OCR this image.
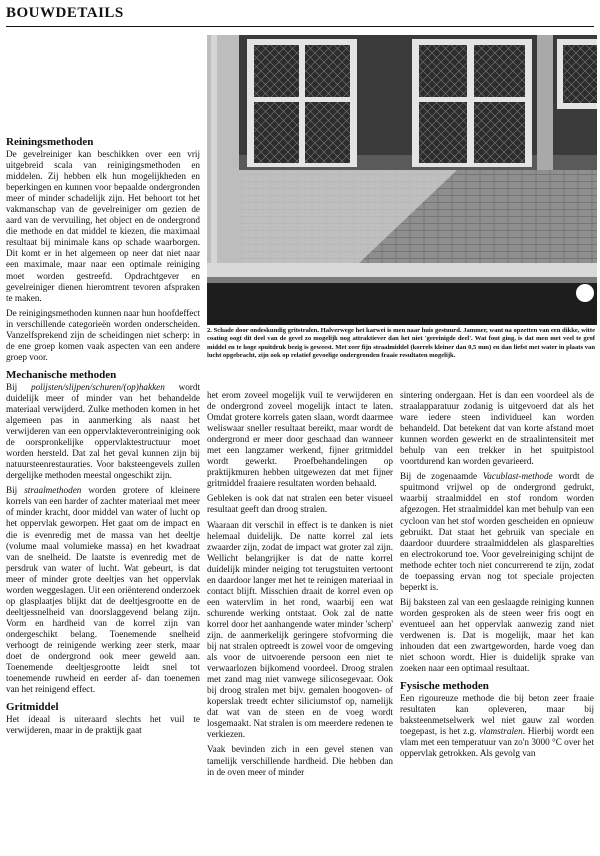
BOUWDETAILS
2. Schade door ondeskundig gritstralen. Halverwege het karwei is men naar huis gestuurd. Jammer, want na opzetten van een dikke, witte coating oogt dit deel van de gevel zo mogelijk nog attraktiever dan het niet 'gereinigde deel'. Wat fout ging, is dat men met veel te grof middel en te hoge spuitdruk bezig is geweest. Met zeer fijn straalmiddel (korrels kleiner dan 0,5 mm) en dan liefst met water in plaats van lucht opgebracht, zijn ook op relatief gevoelige ondergronden fraaie resultaten mogelijk.
Reiningsmethoden

De gevelreiniger kan beschikken over een vrij uitgebreid scala van reinigingsmethoden en middelen. Zij hebben elk hun mogelijkheden en beperkingen en kunnen voor bepaalde ondergronden meer of minder schadelijk zijn. Het behoort tot het vakmanschap van de gevelreiniger om gezien de aard van de vervuiling, het object en de ondergrond die methode en dat middel te kiezen, die maximaal resultaat bij minimale kans op schade waarborgen. Dit komt er in het algemeen op neer dat niet naar een maximale, maar naar een optimale reiniging moet worden gestreefd. Opdrachtgever en gevelreiniger dienen hieromtrent tevoren afspraken te maken.

De reinigingsmethoden kunnen naar hun hoofdeffect in verschillende categorieën worden onderscheiden. Vanzelfsprekend zijn de scheidingen niet scherp: in de ene groep komen vaak aspecten van een andere groep voor.

Mechanische methoden

Bij polijsten/slijpen/schuren/(op)hakken wordt duidelijk meer of minder van het behandelde materiaal verwijderd. Zulke methoden komen in het algemeen pas in aanmerking als naast het verwijderen van een oppervlakteverontreiniging ook de oorspronkelijke oppervlaktestructuur moet worden hersteld. Dat zal het geval kunnen zijn bij natuursteenrestauraties. Voor baksteengevels zullen dergelijke methoden meestal ongeschikt zijn.

Bij straalmethoden worden grotere of kleinere korrels van een harder of zachter materiaal met meer of minder kracht, door middel van water of lucht op het oppervlak geworpen. Het gaat om de impact en die is evenredig met de massa van het deeltje (volume maal volumieke massa) en het kwadraat van de snelheid. De laatste is evenredig met de persdruk van water of lucht. Wat gebeurt, is dat meer of minder grote deeltjes van het oppervlak worden weggeslagen. Uit een oriënterend onderzoek op glasplaatjes blijkt dat de deeltjesgrootte en de deeltjessnelheid van doorslaggevend belang zijn. Vorm en hardheid van de korrel zijn van ondergeschikt belang. Toenemende snelheid verhoogt de reinigende werking zeer sterk, maar doet de ondergrond ook meer geweld aan. Toenemende deeltjesgrootte leidt snel tot toenemende ruwheid en eerder af- dan toenemen van het reinigend effect.

Gritmiddel

Het ideaal is uiteraard slechts het vuil te verwijderen, maar in de praktijk gaat

het erom zoveel mogelijk vuil te verwijderen en de ondergrond zoveel mogelijk intact te laten. Omdat grotere korrels gaten slaan, wordt daarmee weliswaar sneller resultaat bereikt, maar wordt de ondergrond er meer door geschaad dan wanneer met een langzamer werkend, fijner gritmiddel wordt gewerkt. Proefbehandelingen op praktijkmuren hebben uitgewezen dat met fijner gritmiddel fraaiere resultaten worden behaald.

Gebleken is ook dat nat stralen een beter visueel resultaat geeft dan droog stralen.

Waaraan dit verschil in effect is te danken is niet helemaal duidelijk. De natte korrel zal iets zwaarder zijn, zodat de impact wat groter zal zijn. Wellicht belangrijker is dat de natte korrel duidelijk minder neiging tot terugstuiten vertoont en daardoor langer met het te reinigen materiaal in contact blijft. Misschien draait de korrel even op een watervlim in het rond, waarbij een wat schurende werking ontstaat. Ook zal de natte korrel door het aanhangende water minder 'scherp' zijn. de aanmerkelijk geringere stofvorming die bij nat stralen optreedt is zowel voor de omgeving als voor de uitvoerende persoon een niet te verwaarlozen bijkomend voordeel. Droog stralen met zand mag niet vanwege silicosegevaar. Ook bij droog stralen met bijv. gemalen hoogoven- of koperslak treedt echter siliciumstof op, namelijk dat wat van de steen en de voeg wordt losgemaakt. Nat stralen is om meerdere redenen te verkiezen.

Vaak bevinden zich in een gevel stenen van tamelijk verschillende hardheid. Die hebben dan in de oven meer of minder

sintering ondergaan. Het is dan een voordeel als de straalapparatuur zodanig is uitgevoerd dat als het ware iedere steen individueel kan worden behandeld. Dat betekent dat van korte afstand moet kunnen worden gewerkt en de straalintensiteit met behulp van een trekker in het spuitpistool voortdurend kan worden gevarieerd.

Bij de zogenaamde Vacublast-methode wordt de spuitmond vrijwel op de ondergrond gedrukt, waarbij straalmiddel en stof rondom worden afgezogen. Het straalmiddel kan met behulp van een cycloon van het stof worden gescheiden en opnieuw gebruikt. Dat staat het gebruik van speciale en daardoor duurdere straalmiddelen als glasparelties en electrokorund toe. Voor gevelreiniging schijnt de methode echter toch niet concurrerend te zijn, zodat de toepassing ervan nog tot speciale projecten beperkt is.

Bij baksteen zal van een geslaagde reiniging kunnen worden gesproken als de steen weer fris oogt en eventueel aan het oppervlak aanwezig zand niet verdwenen is. Dat is mogelijk, maar het kan inhouden dat een zwartgeworden, harde voeg dan niet schoon wordt. Hier is duidelijk sprake van zoeken naar een optimaal resultaat.

Fysische methoden

Een rigoureuze methode die bij beton zeer fraaie resultaten kan opleveren, maar bij baksteenmetselwerk wel niet gauw zal worden toegepast, is het z.g. vlamstralen. Hierbij wordt een vlam met een temperatuur van zo'n 3000 °C over het oppervlak getrokken. Als gevolg van
